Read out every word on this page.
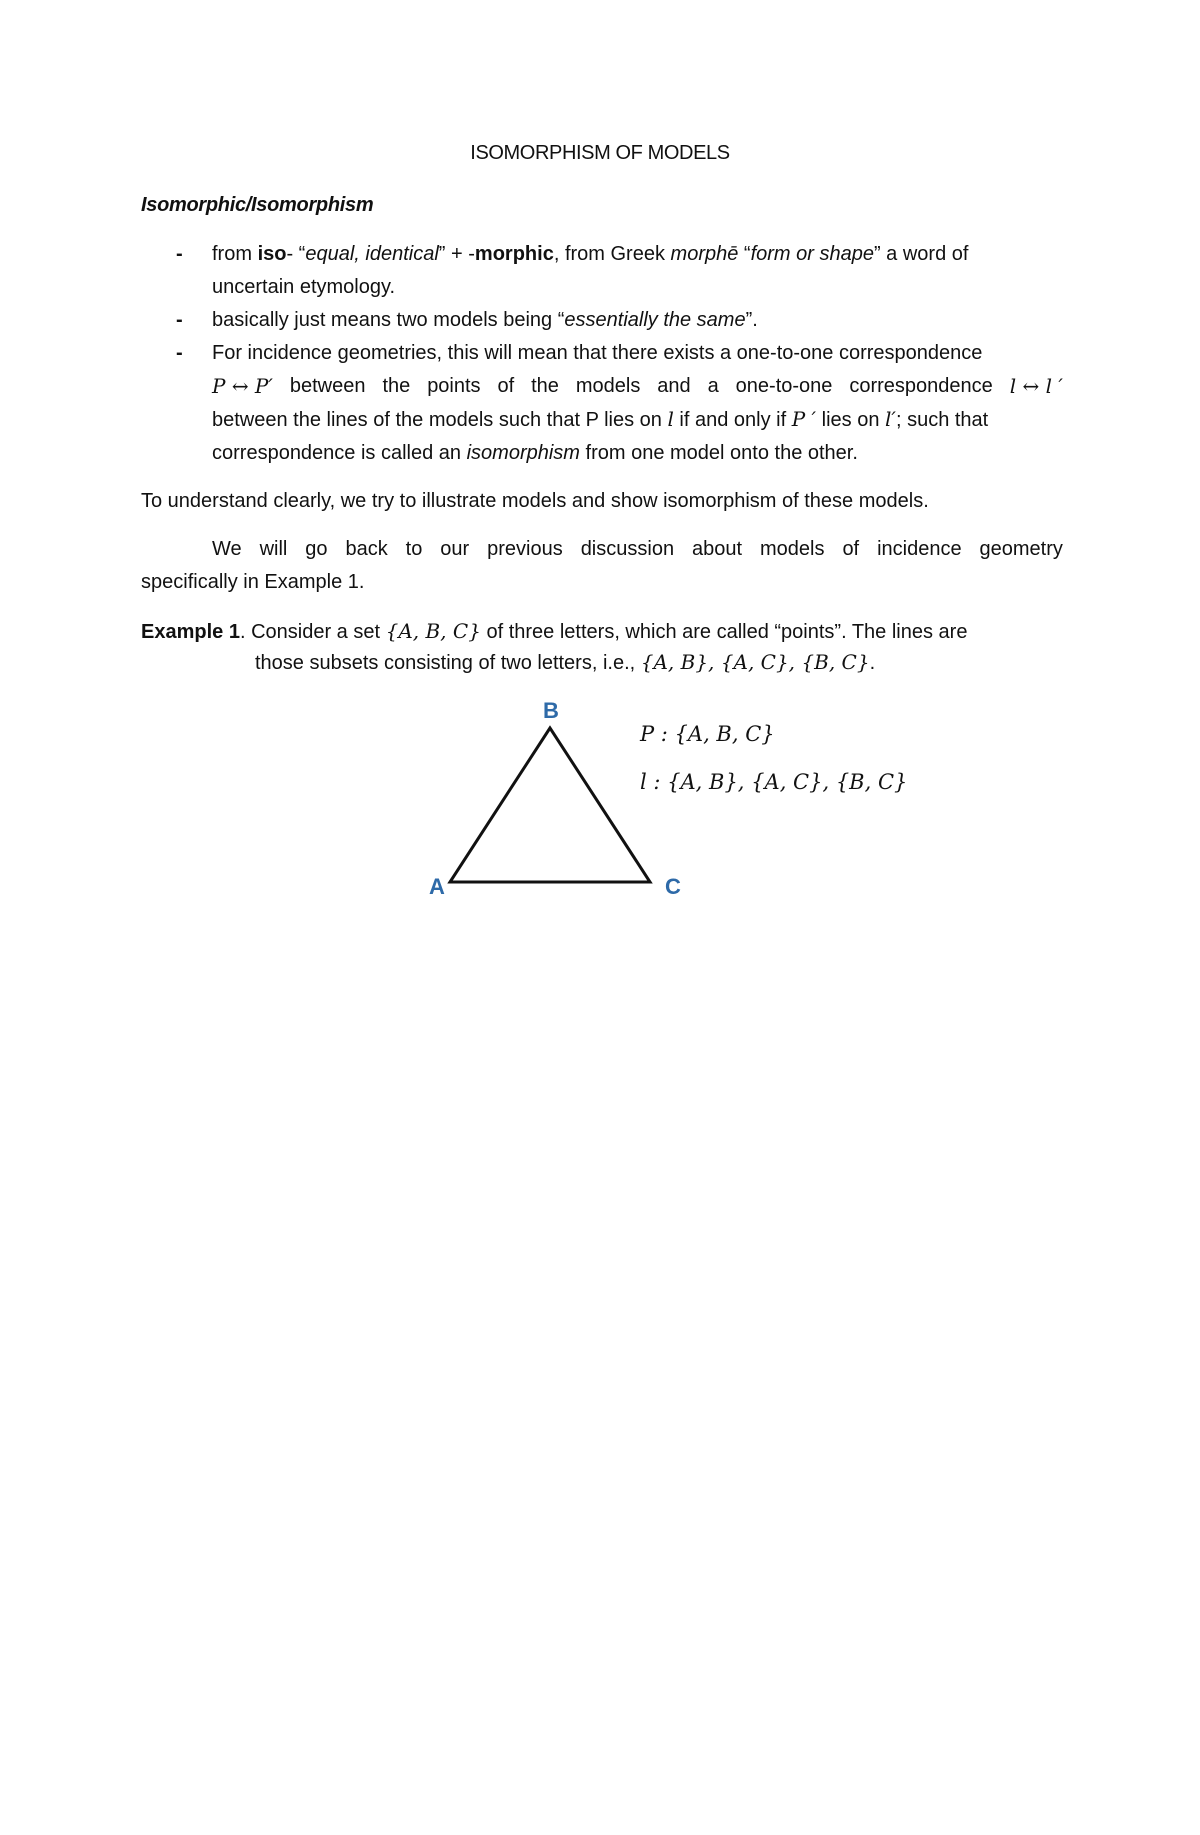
ISOMORPHISM OF MODELS
Isomorphic/Isomorphism
- from iso- “equal, identical” + -morphic, from Greek morphē “form or shape” a word of
uncertain etymology.
- basically just means two models being “essentially the same”.
- For incidence geometries, this will mean that there exists a one-to-one correspondence
P ↔ P′ between the points of the models and a one-to-one correspondence l ↔ l ′
between the lines of the models such that P lies on l if and only if P ′ lies on l′; such that
correspondence is called an isomorphism from one model onto the other.
To understand clearly, we try to illustrate models and show isomorphism of these models.
We will go back to our previous discussion about models of incidence geometry
specifically in Example 1.
Example 1. Consider a set {A, B, C} of three letters, which are called “points”. The lines are
those subsets consisting of two letters, i.e., {A, B}, {A, C}, {B, C}.
B
A	C
P : {A, B, C}
l : {A, B}, {A, C}, {B, C}
